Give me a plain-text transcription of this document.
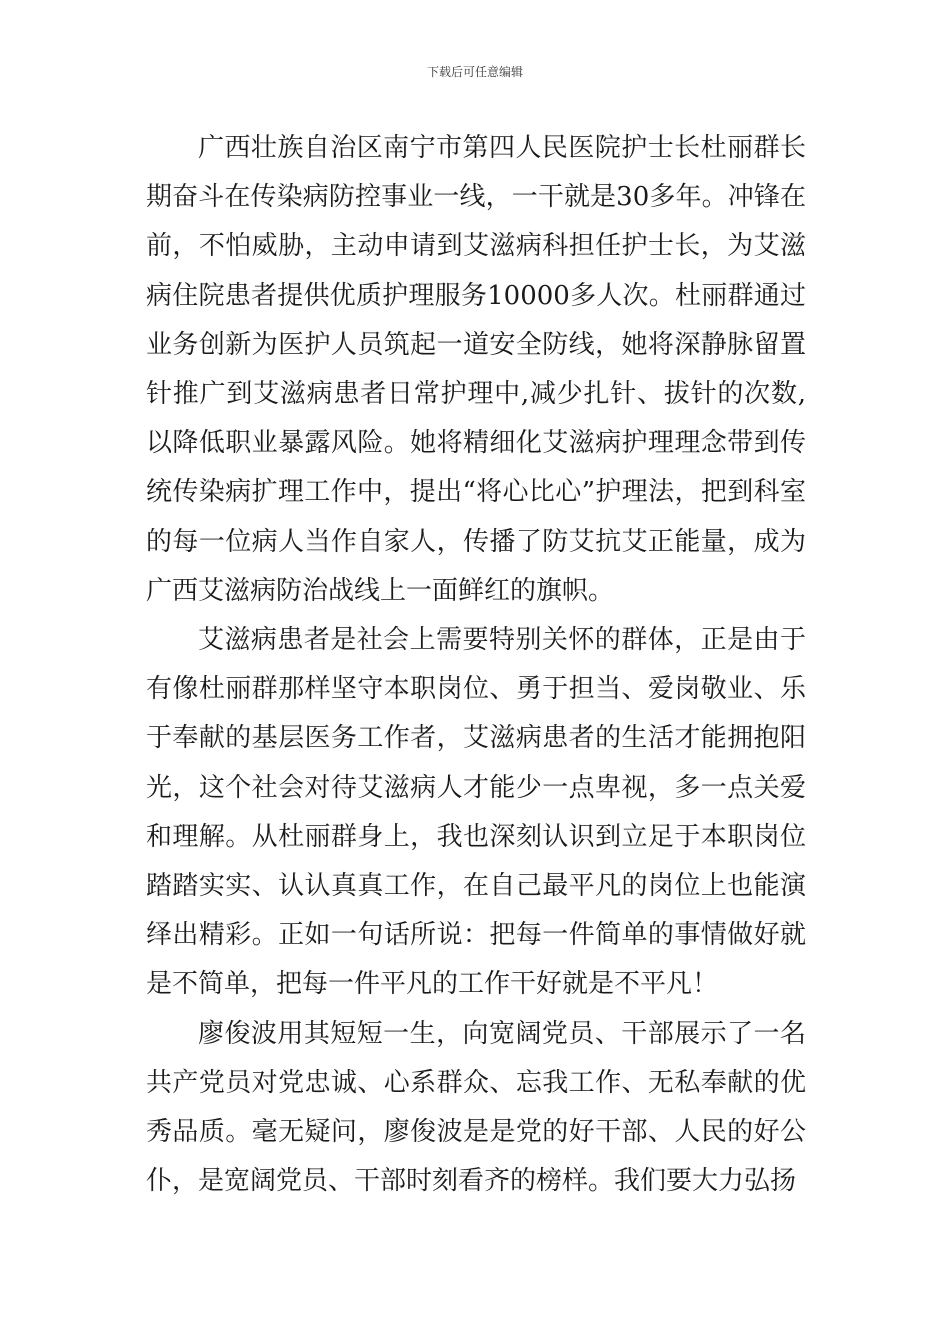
下载后可任意编辑

广西壮族自治区南宁市第四人民医院护士长杜丽群长期奋斗在传染病防控事业一线，一干就是30多年。冲锋在前，不怕威胁，主动申请到艾滋病科担任护士长，为艾滋病住院患者提供优质护理服务10000多人次。杜丽群通过业务创新为医护人员筑起一道安全防线，她将深静脉留置针推广到艾滋病患者日常护理中,减少扎针、拔针的次数,以降低职业暴露风险。她将精细化艾滋病护理理念带到传统传染病扩理工作中，提出“将心比心”护理法，把到科室的每一位病人当作自家人，传播了防艾抗艾正能量，成为广西艾滋病防治战线上一面鲜红的旗帜。

艾滋病患者是社会上需要特别关怀的群体，正是由于有像杜丽群那样坚守本职岗位、勇于担当、爱岗敬业、乐于奉献的基层医务工作者，艾滋病患者的生活才能拥抱阳光，这个社会对待艾滋病人才能少一点卑视，多一点关爱和理解。从杜丽群身上，我也深刻认识到立足于本职岗位踏踏实实、认认真真工作，在自己最平凡的岗位上也能演绎出精彩。正如一句话所说：把每一件简单的事情做好就是不简单，把每一件平凡的工作干好就是不平凡！

廖俊波用其短短一生，向宽阔党员、干部展示了一名共产党员对党忠诚、心系群众、忘我工作、无私奉献的优秀品质。毫无疑问，廖俊波是是党的好干部、人民的好公仆，是宽阔党员、干部时刻看齐的榜样。我们要大力弘扬
